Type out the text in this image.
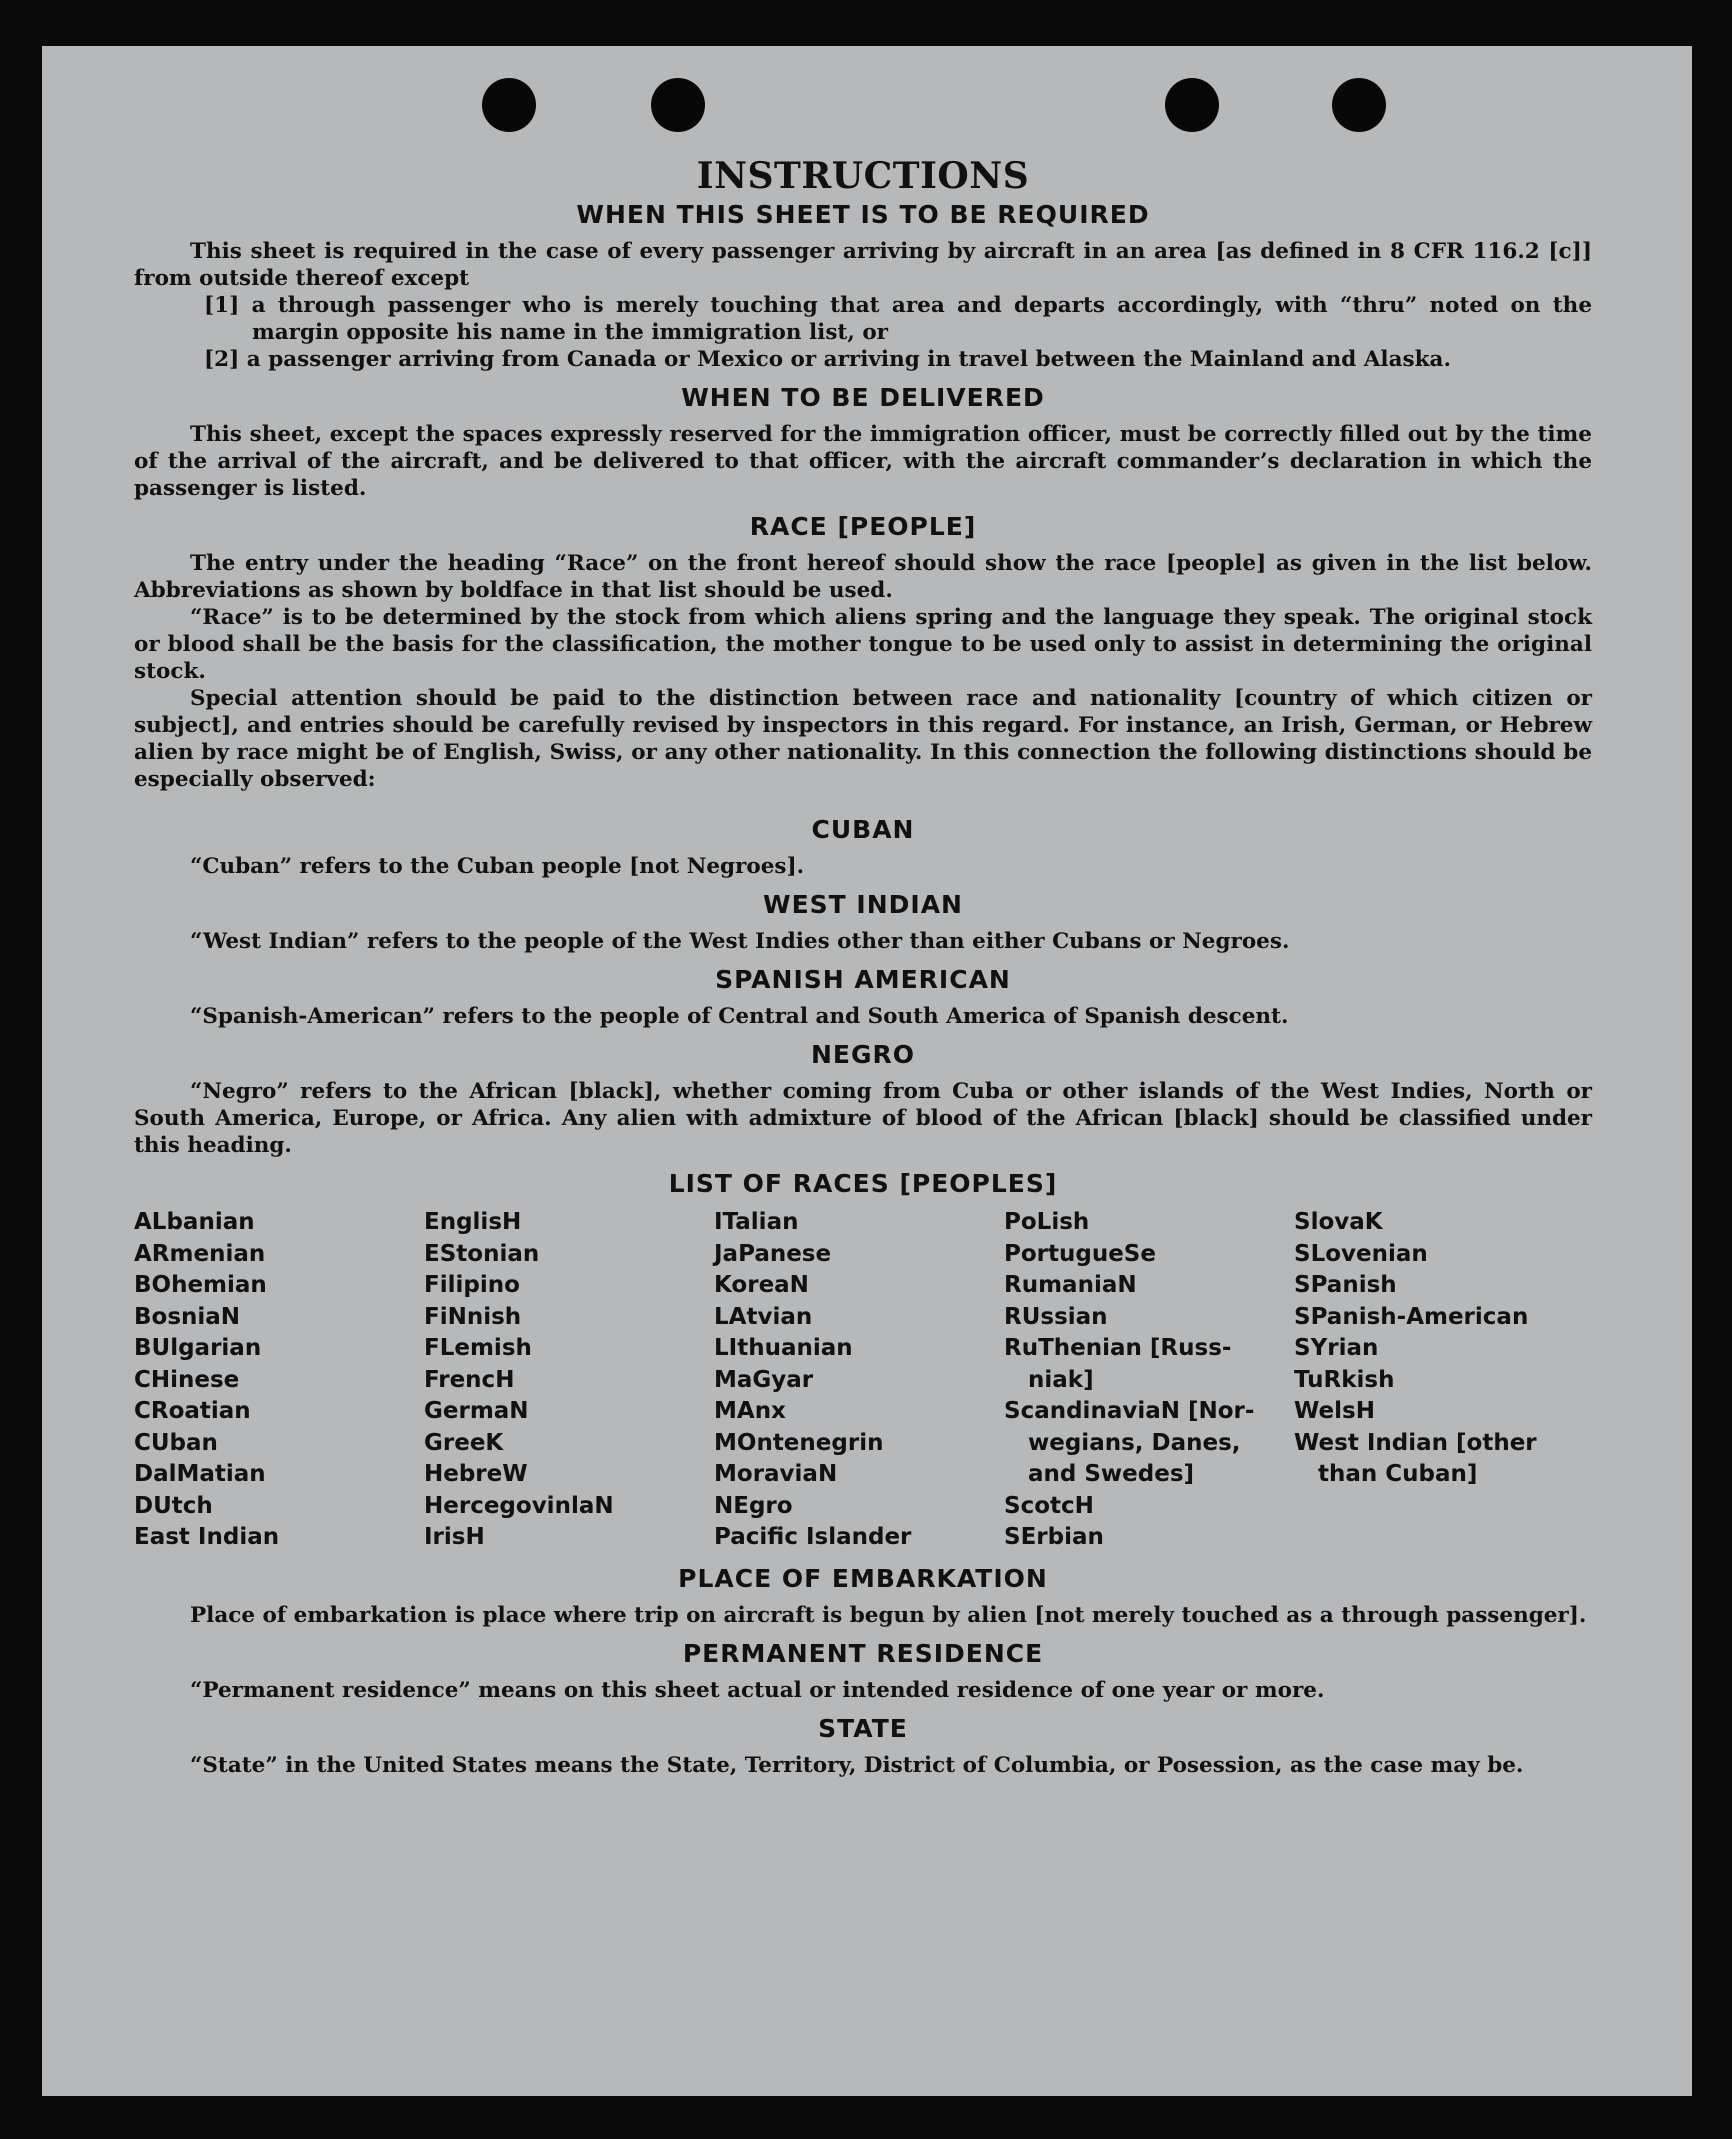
INSTRUCTIONS
WHEN THIS SHEET IS TO BE REQUIRED

This sheet is required in the case of every passenger arriving by aircraft in an area [as defined in 8 CFR 116.2 [c]] from outside thereof except

[1] a through passenger who is merely touching that area and departs accordingly, with “thru” noted on the margin opposite his name in the immigration list, or

[2] a passenger arriving from Canada or Mexico or arriving in travel between the Mainland and Alaska.

WHEN TO BE DELIVERED

This sheet, except the spaces expressly reserved for the immigration officer, must be correctly filled out by the time of the arrival of the aircraft, and be delivered to that officer, with the aircraft commander’s declaration in which the passenger is listed.

RACE [PEOPLE]

The entry under the heading “Race” on the front hereof should show the race [people] as given in the list below. Abbreviations as shown by boldface in that list should be used.

“Race” is to be determined by the stock from which aliens spring and the language they speak. The original stock or blood shall be the basis for the classification, the mother tongue to be used only to assist in determining the original stock.

Special attention should be paid to the distinction between race and nationality [country of which citizen or subject], and entries should be carefully revised by inspectors in this regard. For instance, an Irish, German, or Hebrew alien by race might be of English, Swiss, or any other nationality. In this connection the following distinctions should be especially observed:

CUBAN

“Cuban” refers to the Cuban people [not Negroes].

WEST INDIAN

“West Indian” refers to the people of the West Indies other than either Cubans or Negroes.

SPANISH AMERICAN

“Spanish-American” refers to the people of Central and South America of Spanish descent.

NEGRO

“Negro” refers to the African [black], whether coming from Cuba or other islands of the West Indies, North or South America, Europe, or Africa. Any alien with admixture of blood of the African [black] should be classified under this heading.

LIST OF RACES [PEOPLES]
ALbanian
ARmenian
BOhemian
BosniaN
BUlgarian
CHinese
CRoatian
CUban
DalMatian
DUtch
East Indian
EnglisH
EStonian
Filipino
FiNnish
FLemish
FrencH
GermaN
GreeK
HebreW
HercegovinlaN
IrisH
ITalian
JaPanese
KoreaN
LAtvian
LIthuanian
MaGyar
MAnx
MOntenegrin
MoraviaN
NEgro
Pacific Islander
PoLish
PortugueSe
RumaniaN
RUssian
RuThenian [Russ-niak]
ScandinaviaN [Nor-wegians, Danes, and Swedes]
ScotcH
SErbian
SlovaK
SLovenian
SPanish
SPanish-American
SYrian
TuRkish
WelsH
West Indian [other than Cuban]
PLACE OF EMBARKATION

Place of embarkation is place where trip on aircraft is begun by alien [not merely touched as a through passenger].

PERMANENT RESIDENCE

“Permanent residence” means on this sheet actual or intended residence of one year or more.

STATE

“State” in the United States means the State, Territory, District of Columbia, or Posession, as the case may be.
